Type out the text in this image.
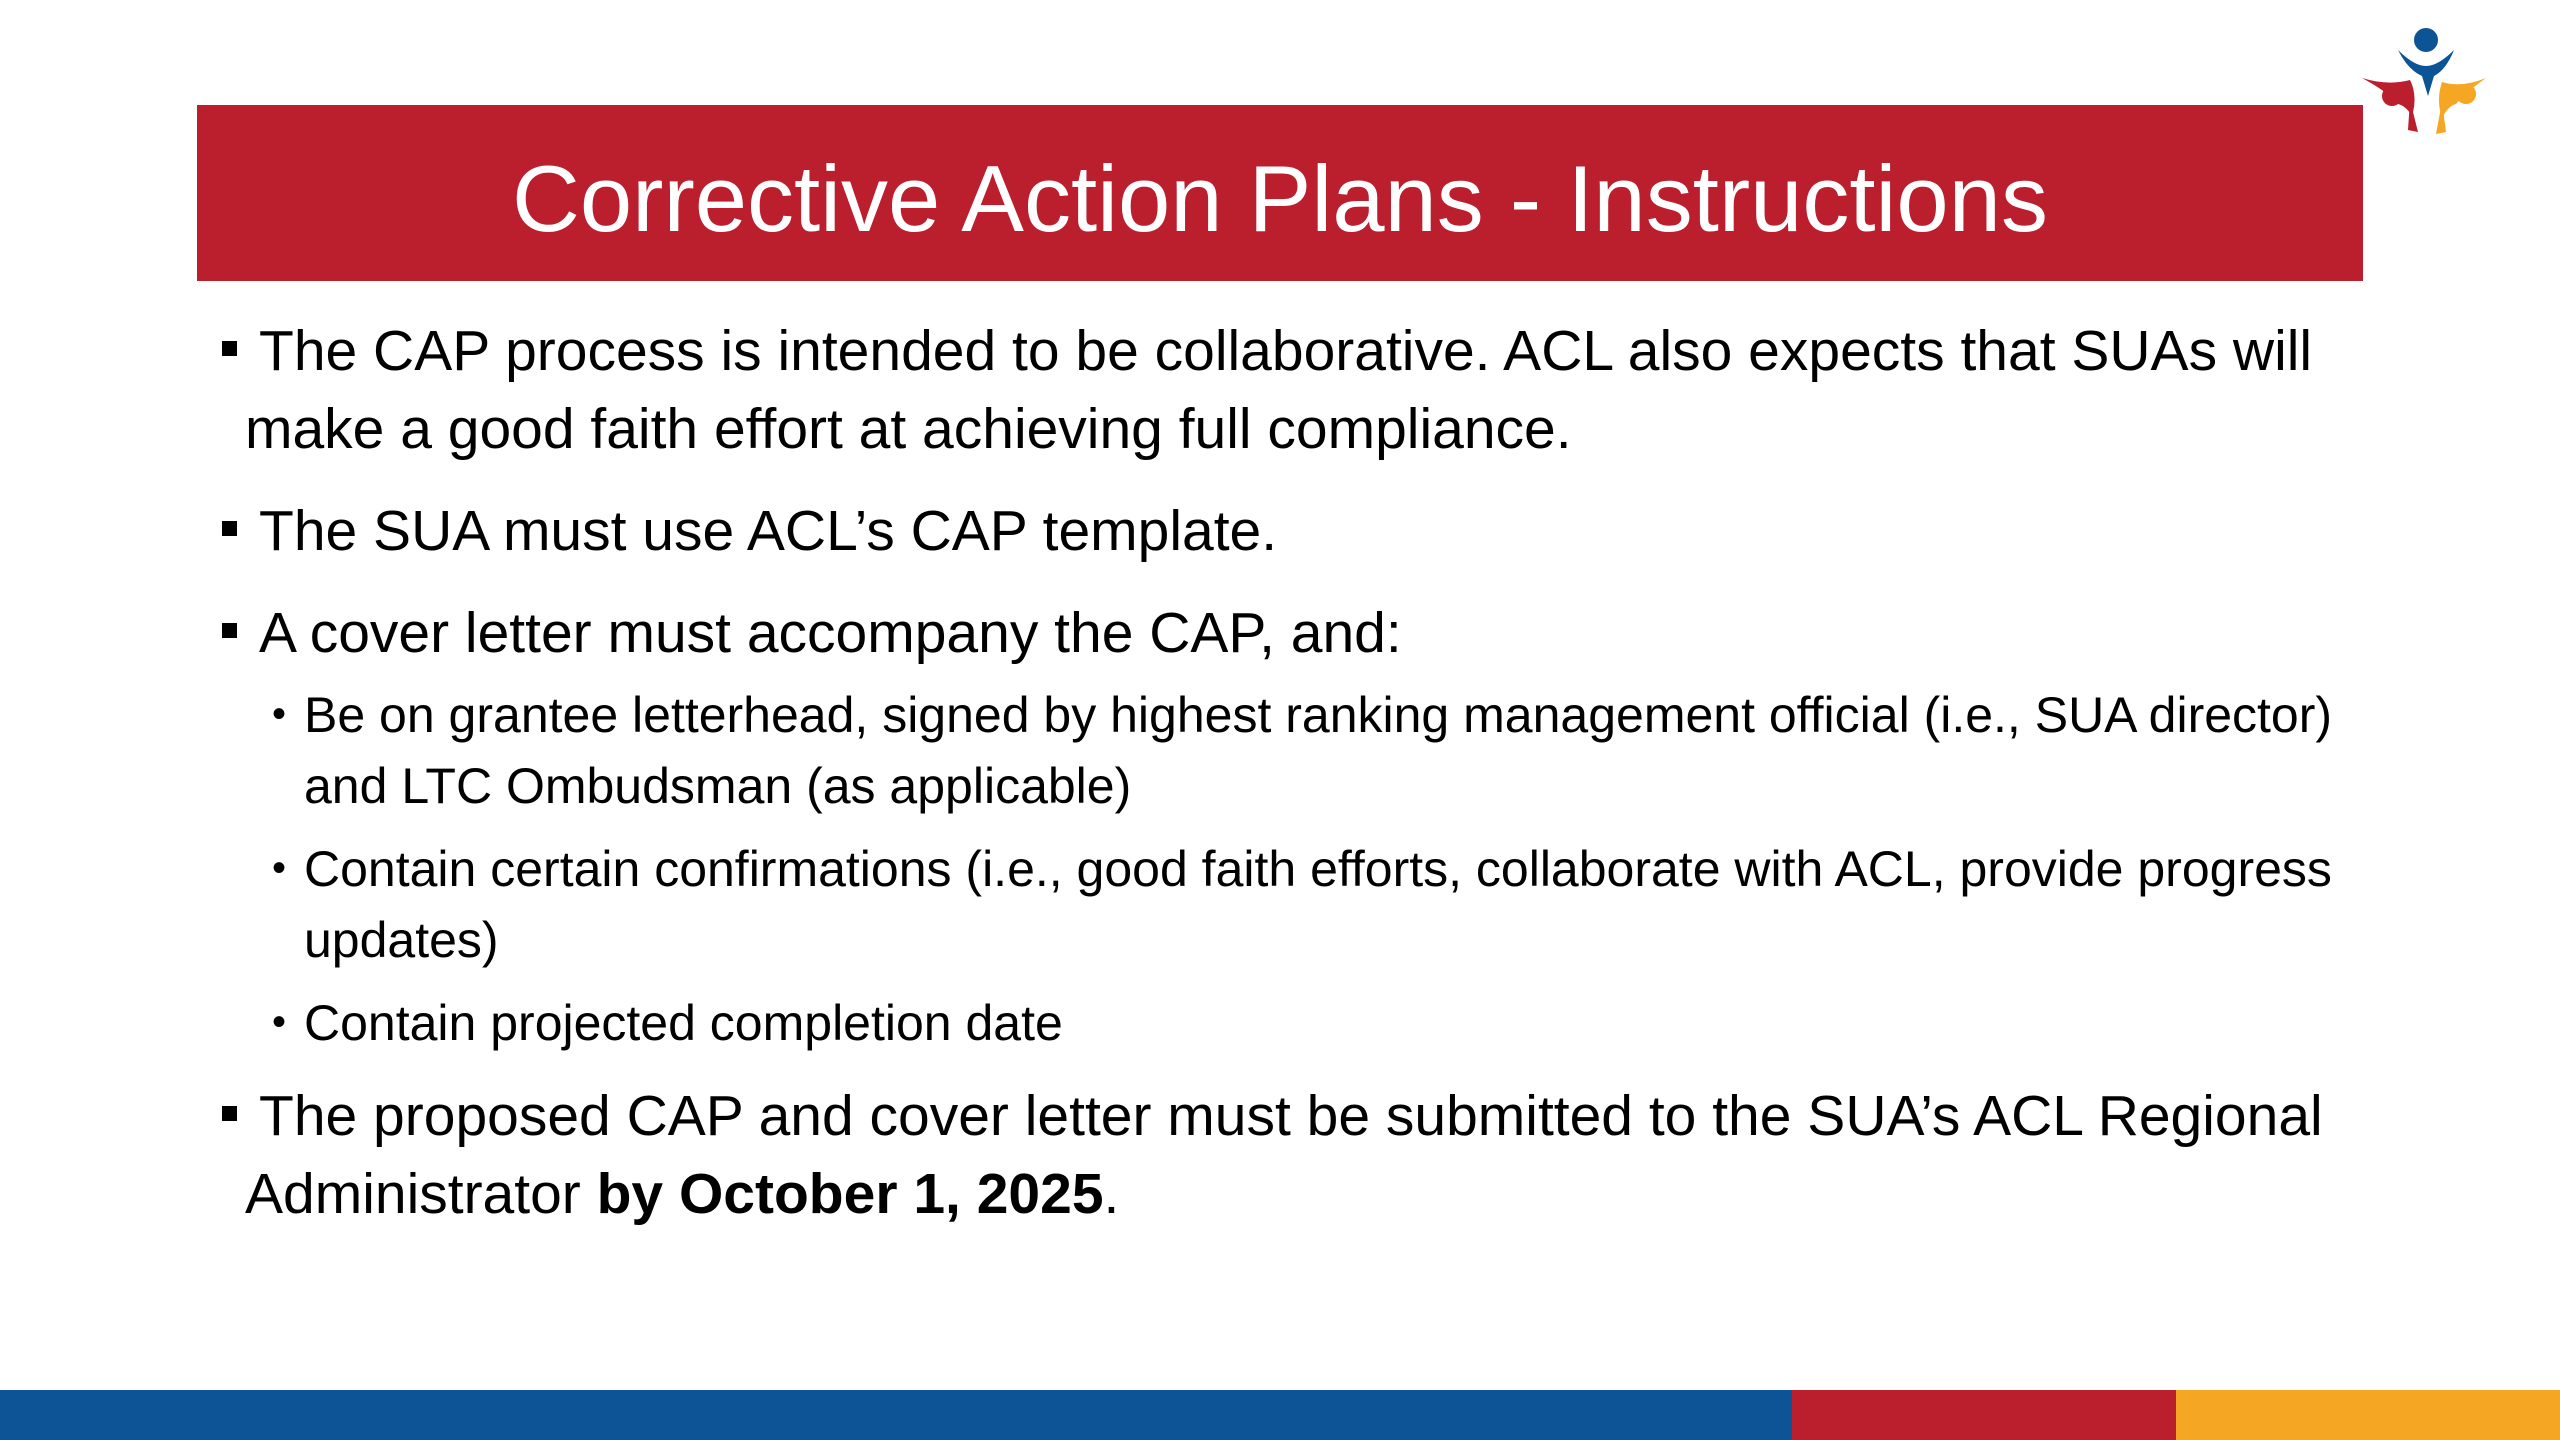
Corrective Action Plans - Instructions
The CAP process is intended to be collaborative. ACL also expects that SUAs will make a good faith effort at achieving full compliance.
The SUA must use ACL’s CAP template.
A cover letter must accompany the CAP, and:
• Be on grantee letterhead, signed by highest ranking management official (i.e., SUA director) and LTC Ombudsman (as applicable)
• Contain certain confirmations (i.e., good faith efforts, collaborate with ACL, provide progress updates)
• Contain projected completion date
The proposed CAP and cover letter must be submitted to the SUA’s ACL Regional Administrator by October 1, 2025.
